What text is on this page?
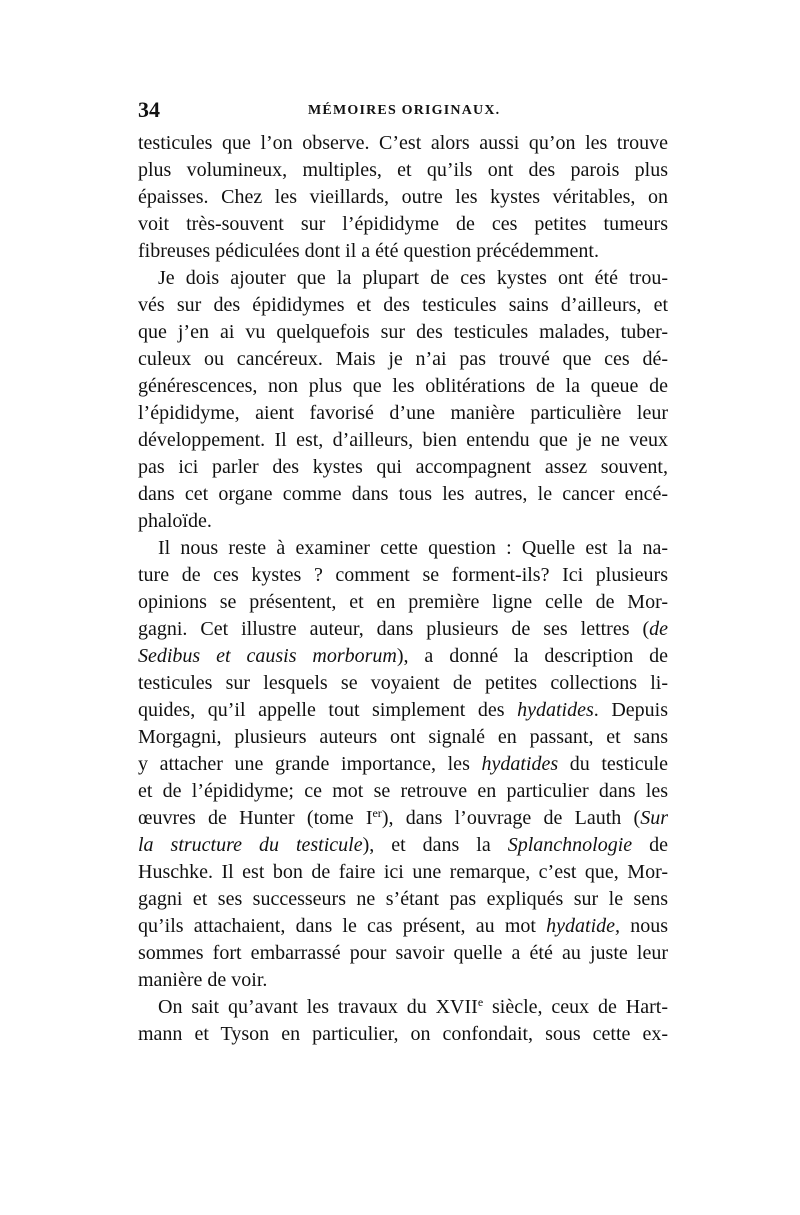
34	MÉMOIRES ORIGINAUX.
testicules que l’on observe. C’est alors aussi qu’on les trouve
plus volumineux, multiples, et qu’ils ont des parois plus
épaisses. Chez les vieillards, outre les kystes véritables, on
voit très-souvent sur l’épididyme de ces petites tumeurs
fibreuses pédiculées dont il a été question précédemment.
Je dois ajouter que la plupart de ces kystes ont été trou-
vés sur des épididymes et des testicules sains d’ailleurs, et
que j’en ai vu quelquefois sur des testicules malades, tuber-
culeux ou cancéreux. Mais je n’ai pas trouvé que ces dé-
générescences, non plus que les oblitérations de la queue de
l’épididyme, aient favorisé d’une manière particulière leur
développement. Il est, d’ailleurs, bien entendu que je ne veux
pas ici parler des kystes qui accompagnent assez souvent,
dans cet organe comme dans tous les autres, le cancer encé-
phaloïde.
Il nous reste à examiner cette question : Quelle est la na-
ture de ces kystes ? comment se forment-ils? Ici plusieurs
opinions se présentent, et en première ligne celle de Mor-
gagni. Cet illustre auteur, dans plusieurs de ses lettres (de
Sedibus et causis morborum), a donné la description de
testicules sur lesquels se voyaient de petites collections li-
quides, qu’il appelle tout simplement des hydatides. Depuis
Morgagni, plusieurs auteurs ont signalé en passant, et sans
y attacher une grande importance, les hydatides du testicule
et de l’épididyme; ce mot se retrouve en particulier dans les
œuvres de Hunter (tome Ier), dans l’ouvrage de Lauth (Sur
la structure du testicule), et dans la Splanchnologie de
Huschke. Il est bon de faire ici une remarque, c’est que, Mor-
gagni et ses successeurs ne s’étant pas expliqués sur le sens
qu’ils attachaient, dans le cas présent, au mot hydatide, nous
sommes fort embarrassé pour savoir quelle a été au juste leur
manière de voir.
On sait qu’avant les travaux du XVIIe siècle, ceux de Hart-
mann et Tyson en particulier, on confondait, sous cette ex-
